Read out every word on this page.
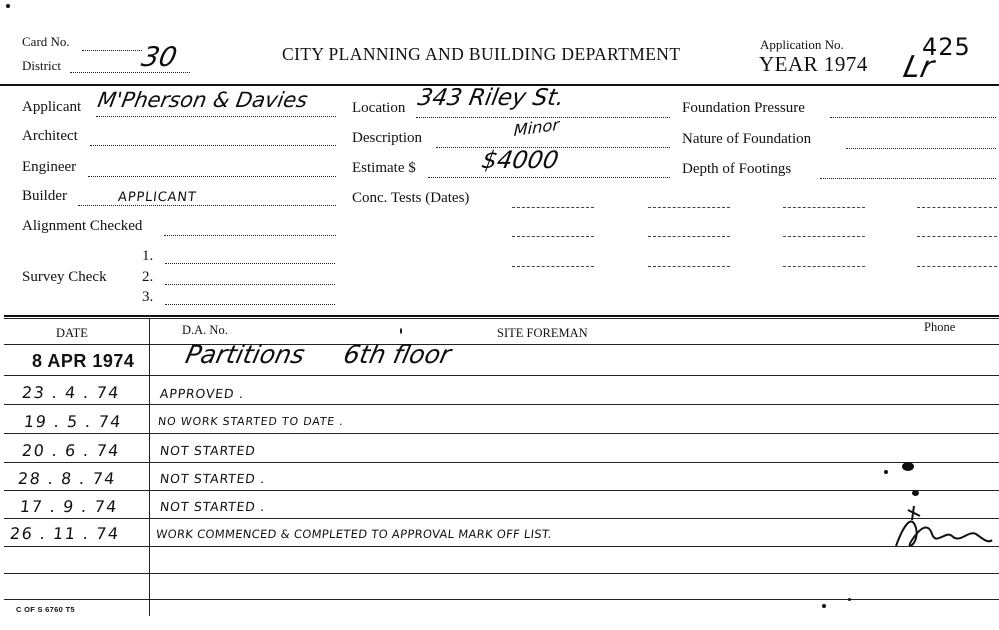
Card No.
30
District
CITY PLANNING AND BUILDING DEPARTMENT	Application No.
YEAR 1974
425
Lr
Applicant M'Pherson & Davies
Architect
Engineer
Builder	APPLICANT
Alignment Checked
Survey Check
1.
2.
3.
Location 343 Riley St.
Description	Minor
Estimate $	$4000
Conc. Tests (Dates)
Foundation Pressure
Nature of Foundation
Depth of Footings
DATE	D.A. No.	SITE FOREMAN	Phone
8 APR 1974 Partitions     6th floor
23 . 4 . 74	APPROVED .
19 . 5 . 74	NO WORK STARTED TO DATE .
20 . 6 . 74	NOT STARTED
28 . 8 . 74	NOT STARTED .
17 . 9 . 74	NOT STARTED .
26 . 11 . 74	WORK COMMENCED & COMPLETED TO APPROVAL MARK OFF LIST.
C OF S 6760 T5
